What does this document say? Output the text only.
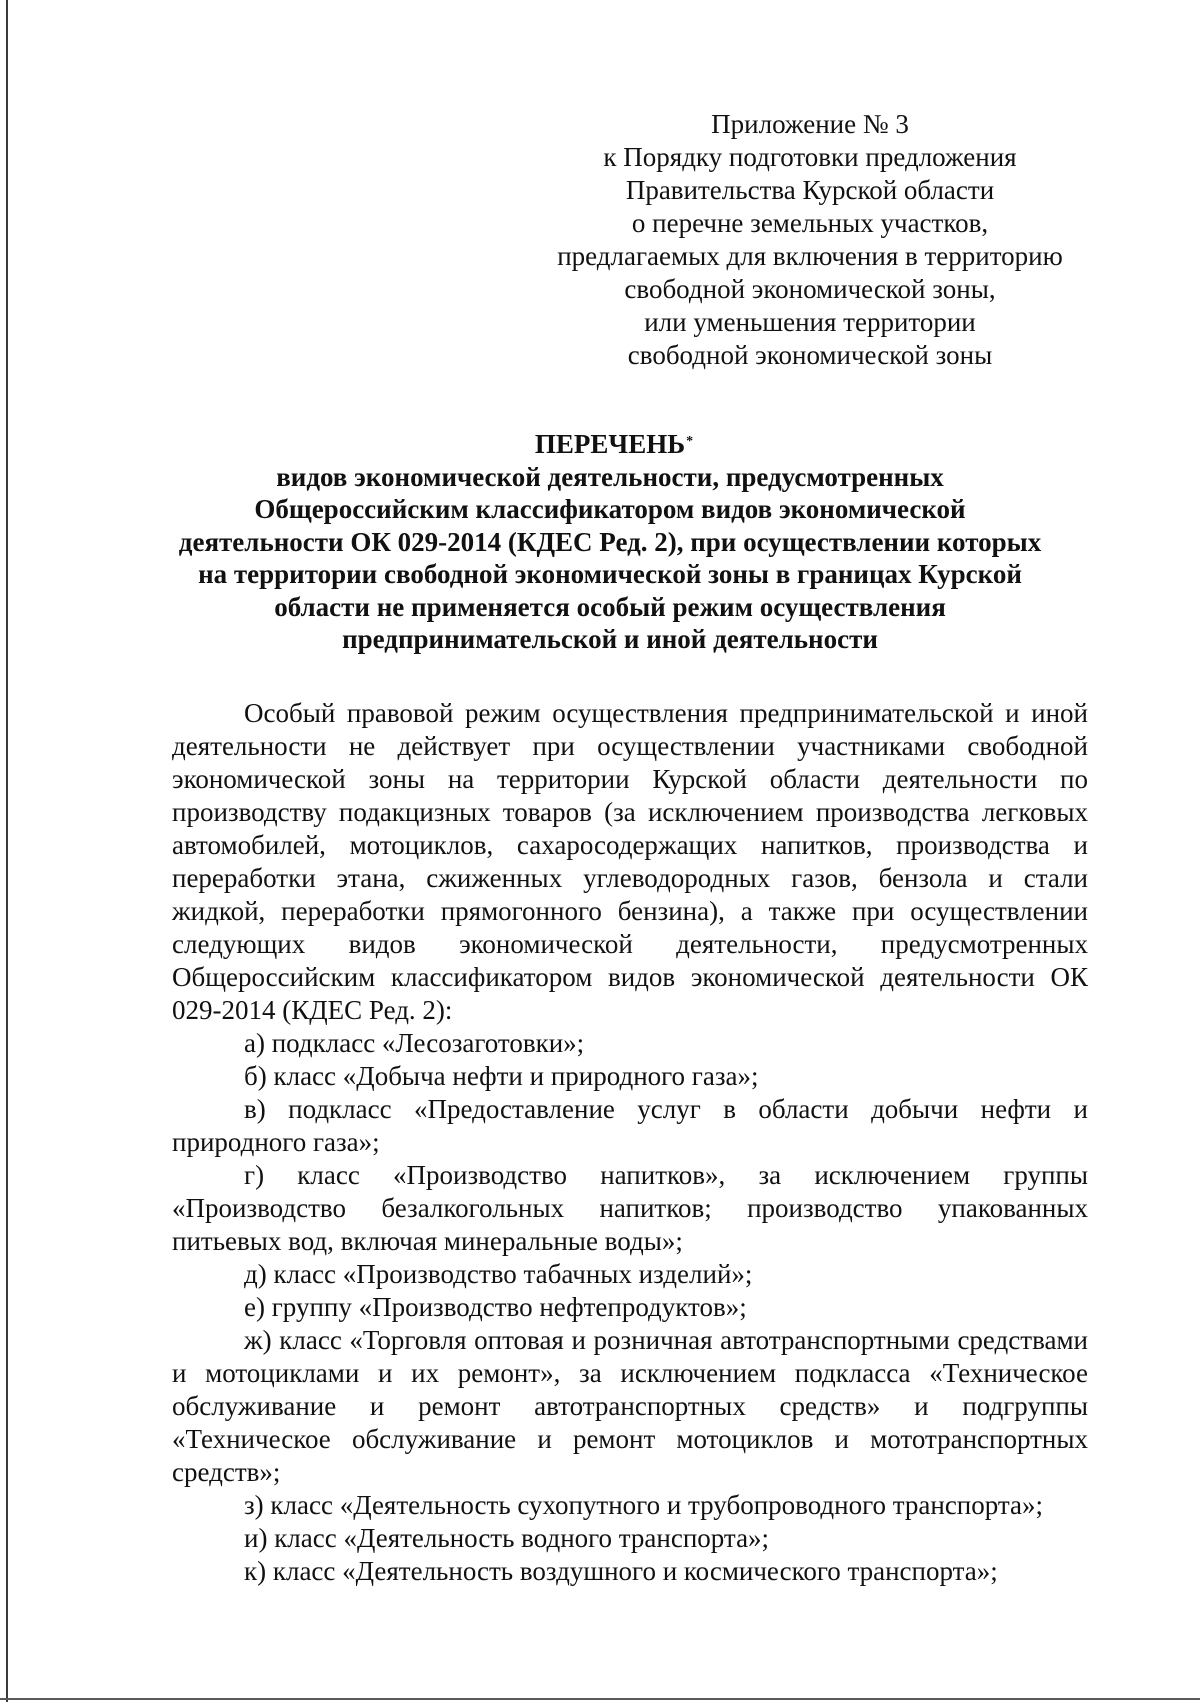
Приложение № 3
к Порядку подготовки предложения
Правительства Курской области
о перечне земельных участков,
предлагаемых для включения в территорию
свободной экономической зоны,
или уменьшения территории
свободной экономической зоны
ПЕРЕЧЕНЬ *
видов экономической деятельности, предусмотренных
Общероссийским классификатором видов экономической
деятельности ОК 029-2014 (КДЕС Ред. 2), при осуществлении которых
на территории свободной экономической зоны в границах Курской
области не применяется особый режим осуществления
предпринимательской и иной деятельности

Особый правовой режим осуществления предпринимательской и иной деятельности не действует при осуществлении участниками свободной экономической зоны на территории Курской области деятельности по производству подакцизных товаров (за исключением производства легковых автомобилей, мотоциклов, сахаросодержащих напитков, производства и переработки этана, сжиженных углеводородных газов, бензола и стали жидкой, переработки прямогонного бензина), а также при осуществлении следующих видов экономической деятельности, предусмотренных Общероссийским классификатором видов экономической деятельности ОК 029-2014 (КДЕС Ред. 2):

а) подкласс «Лесозаготовки»;

б) класс «Добыча нефти и природного газа»;

в) подкласс «Предоставление услуг в области добычи нефти и природного газа»;

г) класс «Производство напитков», за исключением группы «Производство безалкогольных напитков; производство упакованных питьевых вод, включая минеральные воды»;

д) класс «Производство табачных изделий»;

е) группу «Производство нефтепродуктов»;

ж) класс «Торговля оптовая и розничная автотранспортными средствами и мотоциклами и их ремонт», за исключением подкласса «Техническое обслуживание и ремонт автотранспортных средств» и подгруппы «Техническое обслуживание и ремонт мотоциклов и мототранспортных средств»;

з) класс «Деятельность сухопутного и трубопроводного транспорта»;

и) класс «Деятельность водного транспорта»;

к) класс «Деятельность воздушного и космического транспорта»;
